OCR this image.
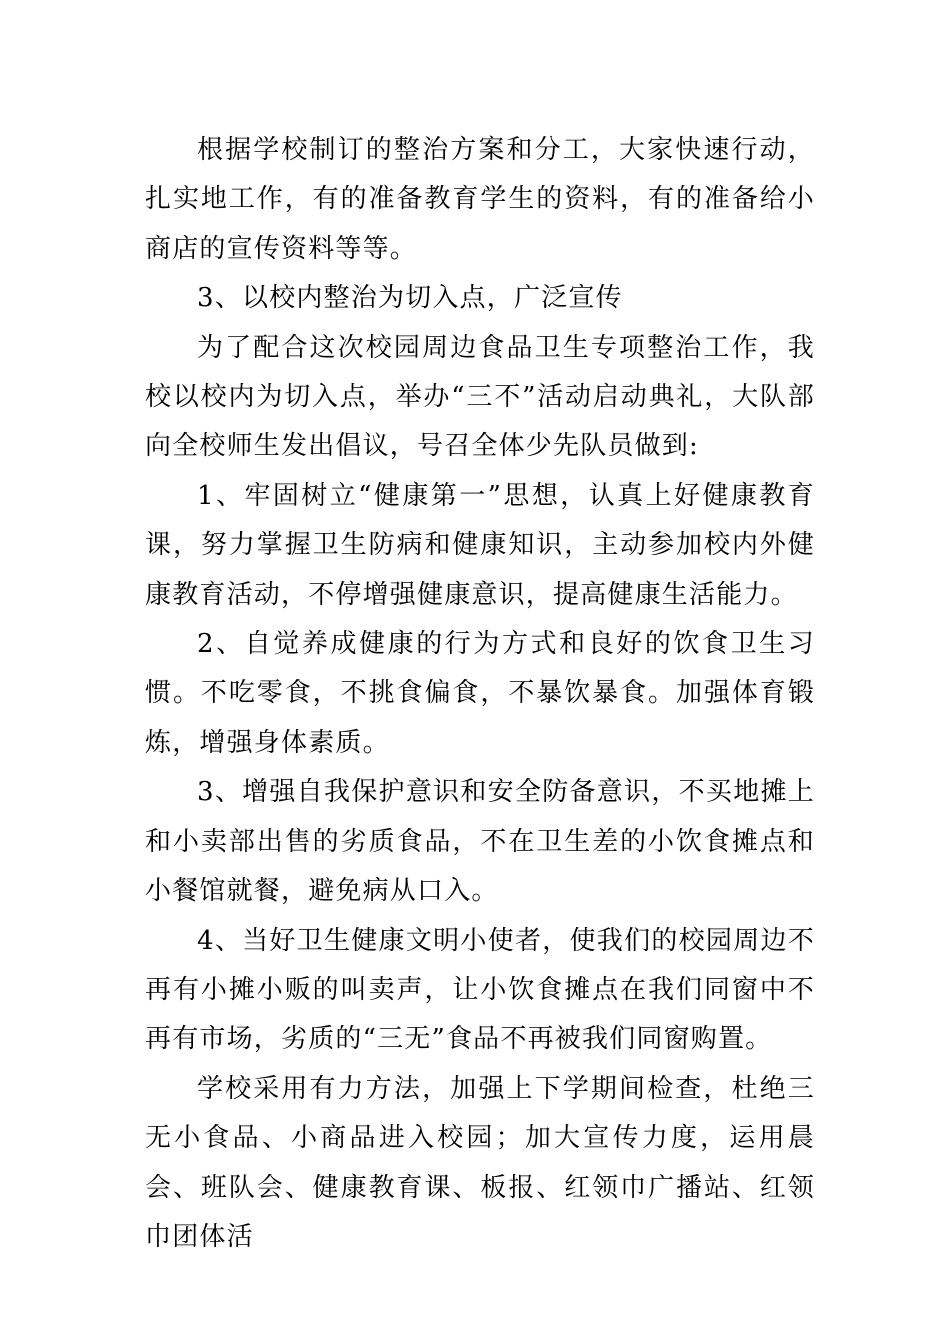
根据学校制订的整治方案和分工，大家快速行动，扎实地工作，有的准备教育学生的资料，有的准备给小商店的宣传资料等等。

3、以校内整治为切入点，广泛宣传

为了配合这次校园周边食品卫生专项整治工作，我校以校内为切入点，举办“三不”活动启动典礼，大队部向全校师生发出倡议，号召全体少先队员做到:

1、牢固树立“健康第一”思想，认真上好健康教育课，努力掌握卫生防病和健康知识，主动参加校内外健康教育活动，不停增强健康意识，提高健康生活能力。

2、自觉养成健康的行为方式和良好的饮食卫生习惯。不吃零食，不挑食偏食，不暴饮暴食。加强体育锻炼，增强身体素质。

3、增强自我保护意识和安全防备意识，不买地摊上和小卖部出售的劣质食品，不在卫生差的小饮食摊点和小餐馆就餐，避免病从口入。

4、当好卫生健康文明小使者，使我们的校园周边不再有小摊小贩的叫卖声，让小饮食摊点在我们同窗中不再有市场，劣质的“三无”食品不再被我们同窗购置。

学校采用有力方法，加强上下学期间检查，杜绝三无小食品、小商品进入校园；加大宣传力度，运用晨会、班队会、健康教育课、板报、红领巾广播站、红领巾团体活
